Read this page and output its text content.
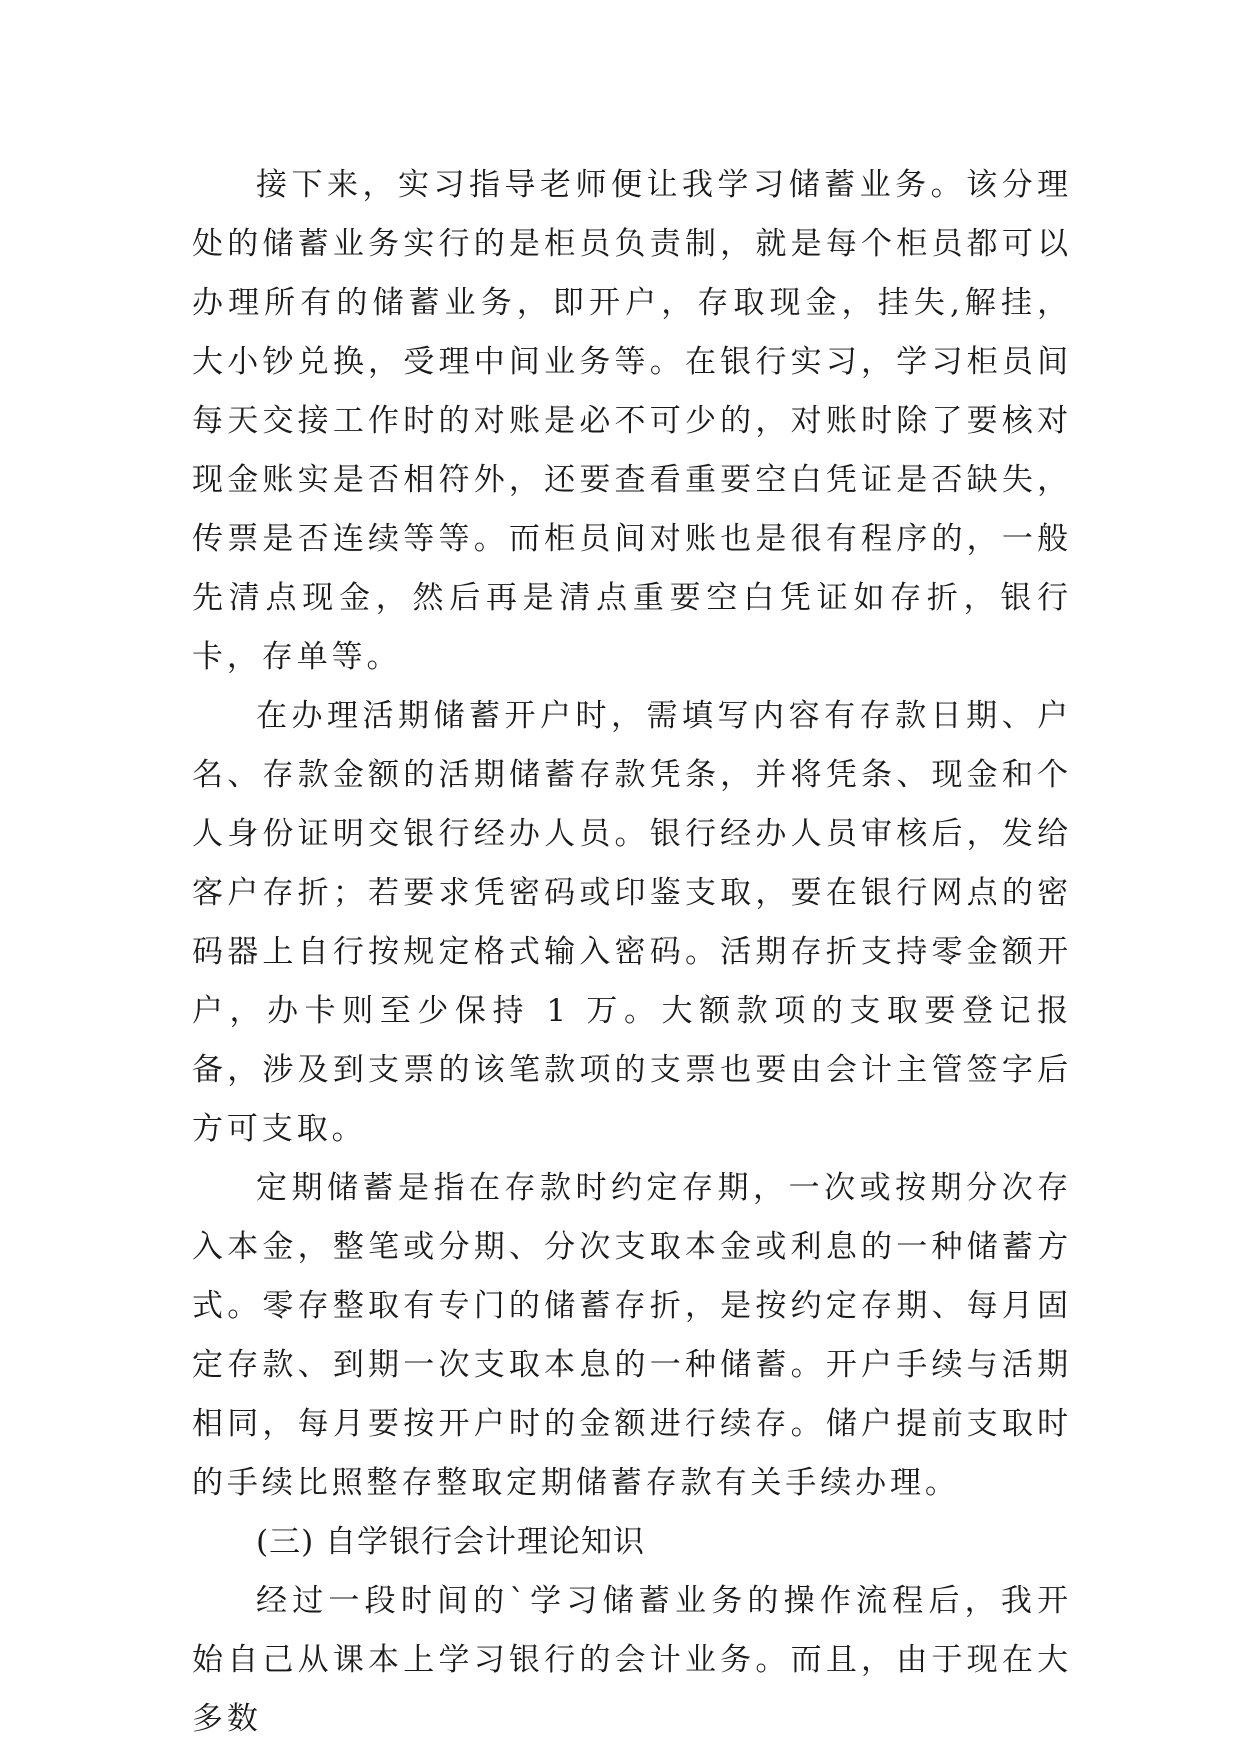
接下来，实习指导老师便让我学习储蓄业务。该分理处的储蓄业务实行的是柜员负责制，就是每个柜员都可以办理所有的储蓄业务，即开户，存取现金，挂失,解挂，大小钞兑换，受理中间业务等。在银行实习，学习柜员间每天交接工作时的对账是必不可少的，对账时除了要核对现金账实是否相符外，还要查看重要空白凭证是否缺失，传票是否连续等等。而柜员间对账也是很有程序的，一般先清点现金，然后再是清点重要空白凭证如存折，银行卡，存单等。

在办理活期储蓄开户时，需填写内容有存款日期、户名、存款金额的活期储蓄存款凭条，并将凭条、现金和个人身份证明交银行经办人员。银行经办人员审核后，发给客户存折；若要求凭密码或印鉴支取，要在银行网点的密码器上自行按规定格式输入密码。活期存折支持零金额开户，办卡则至少保持 1 万。大额款项的支取要登记报备，涉及到支票的该笔款项的支票也要由会计主管签字后方可支取。

定期储蓄是指在存款时约定存期，一次或按期分次存入本金，整笔或分期、分次支取本金或利息的一种储蓄方式。零存整取有专门的储蓄存折，是按约定存期、每月固定存款、到期一次支取本息的一种储蓄。开户手续与活期相同，每月要按开户时的金额进行续存。储户提前支取时的手续比照整存整取定期储蓄存款有关手续办理。

(三) 自学银行会计理论知识

经过一段时间的`学习储蓄业务的操作流程后，我开始自己从课本上学习银行的会计业务。而且，由于现在大多数
